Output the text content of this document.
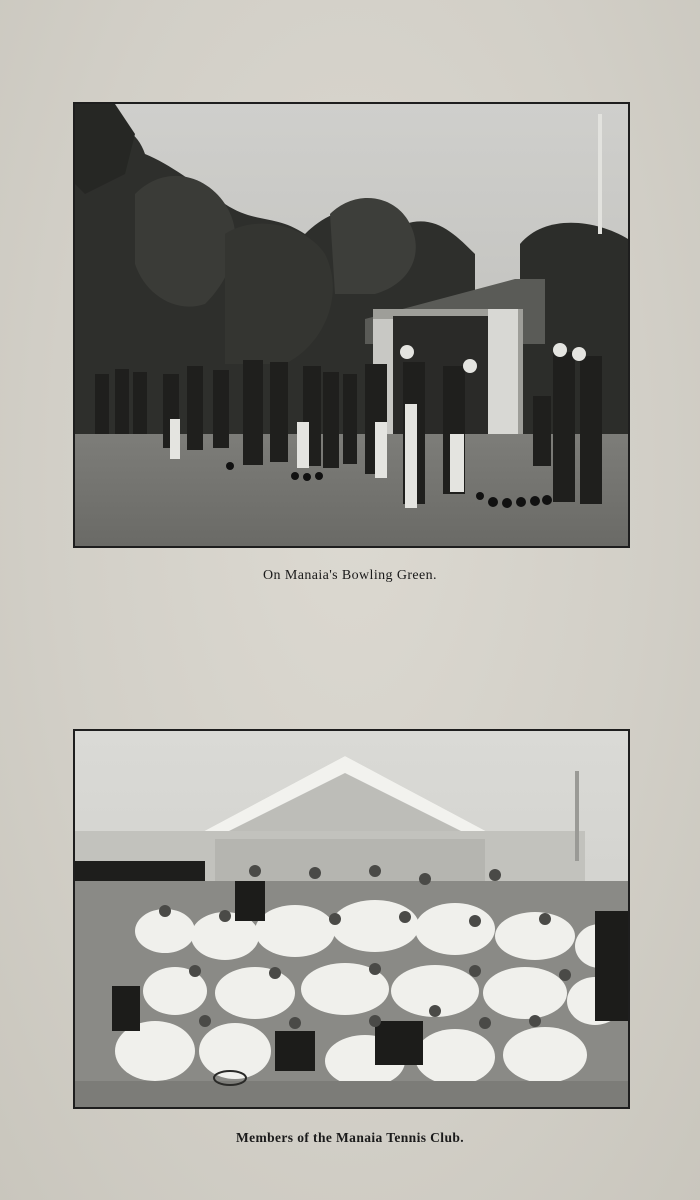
On Manaia's Bowling Green.
Members of the Manaia Tennis Club.
